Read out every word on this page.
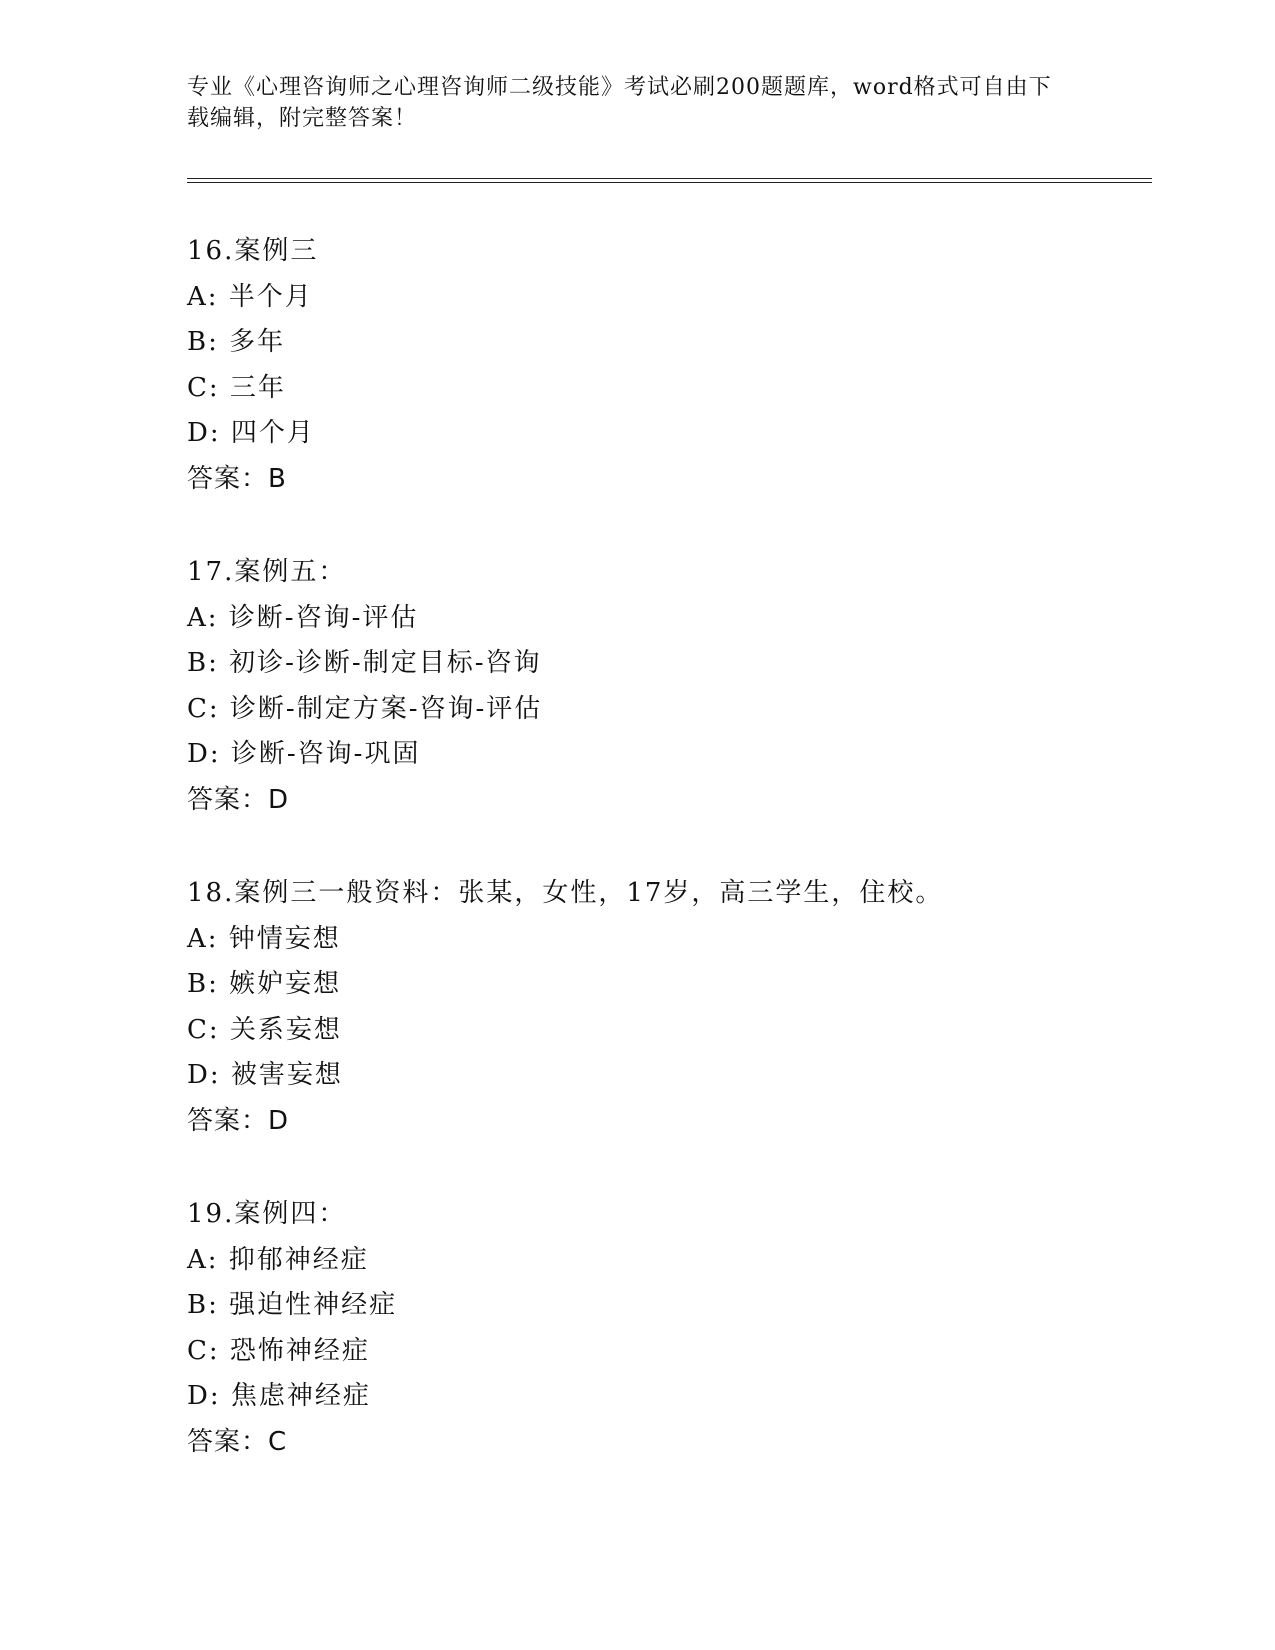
专业《心理咨询师之心理咨询师二级技能》考试必刷200题题库，word格式可自由下载编辑，附完整答案！
16.案例三
A: 半个月
B: 多年
C: 三年
D: 四个月
答案：B
17.案例五：
A: 诊断-咨询-评估
B: 初诊-诊断-制定目标-咨询
C: 诊断-制定方案-咨询-评估
D: 诊断-咨询-巩固
答案：D
18.案例三一般资料：张某，女性，17岁，高三学生，住校。
A: 钟情妄想
B: 嫉妒妄想
C: 关系妄想
D: 被害妄想
答案：D
19.案例四：
A: 抑郁神经症
B: 强迫性神经症
C: 恐怖神经症
D: 焦虑神经症
答案：C
